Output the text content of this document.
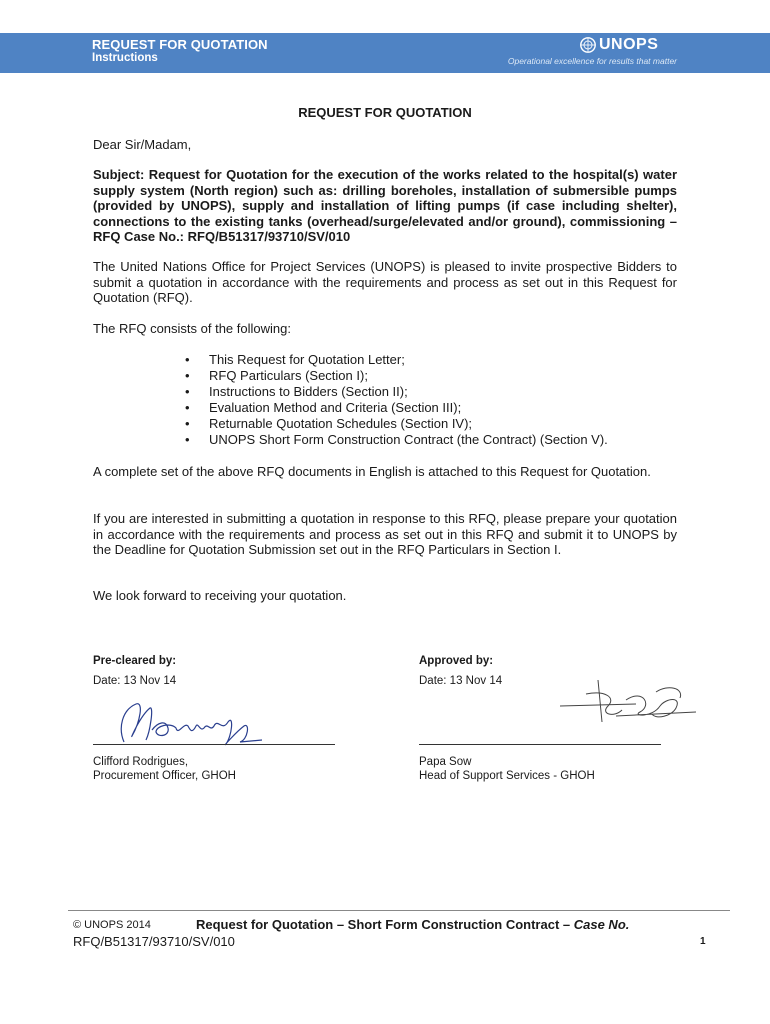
REQUEST FOR QUOTATION
Instructions
UNOPS
Operational excellence for results that matter
REQUEST FOR QUOTATION

Dear Sir/Madam,

Subject: Request for Quotation for the execution of the works related to the hospital(s) water supply system (North region) such as: drilling boreholes, installation of submersible pumps (provided by UNOPS), supply and installation of lifting pumps (if case including shelter), connections to the existing tanks (overhead/surge/elevated and/or ground), commissioning – RFQ Case No.: RFQ/B51317/93710/SV/010

The United Nations Office for Project Services (UNOPS) is pleased to invite prospective Bidders to submit a quotation in accordance with the requirements and process as set out in this Request for Quotation (RFQ).

The RFQ consists of the following:

• This Request for Quotation Letter;
• RFQ Particulars (Section I);
• Instructions to Bidders (Section II);
• Evaluation Method and Criteria (Section III);
• Returnable Quotation Schedules (Section IV);
• UNOPS Short Form Construction Contract (the Contract) (Section V).

A complete set of the above RFQ documents in English is attached to this Request for Quotation.

If you are interested in submitting a quotation in response to this RFQ, please prepare your quotation in accordance with the requirements and process as set out in this RFQ and submit it to UNOPS by the Deadline for Quotation Submission set out in the RFQ Particulars in Section I.

We look forward to receiving your quotation.

Pre-cleared by:
Date: 13 Nov 14
Clifford Rodrigues,
Procurement Officer, GHOH
Approved by:
Date: 13 Nov 14
Papa Sow
Head of Support Services - GHOH
© UNOPS 2014	Request for Quotation – Short Form Construction Contract – Case No.
RFQ/B51317/93710/SV/010	1
